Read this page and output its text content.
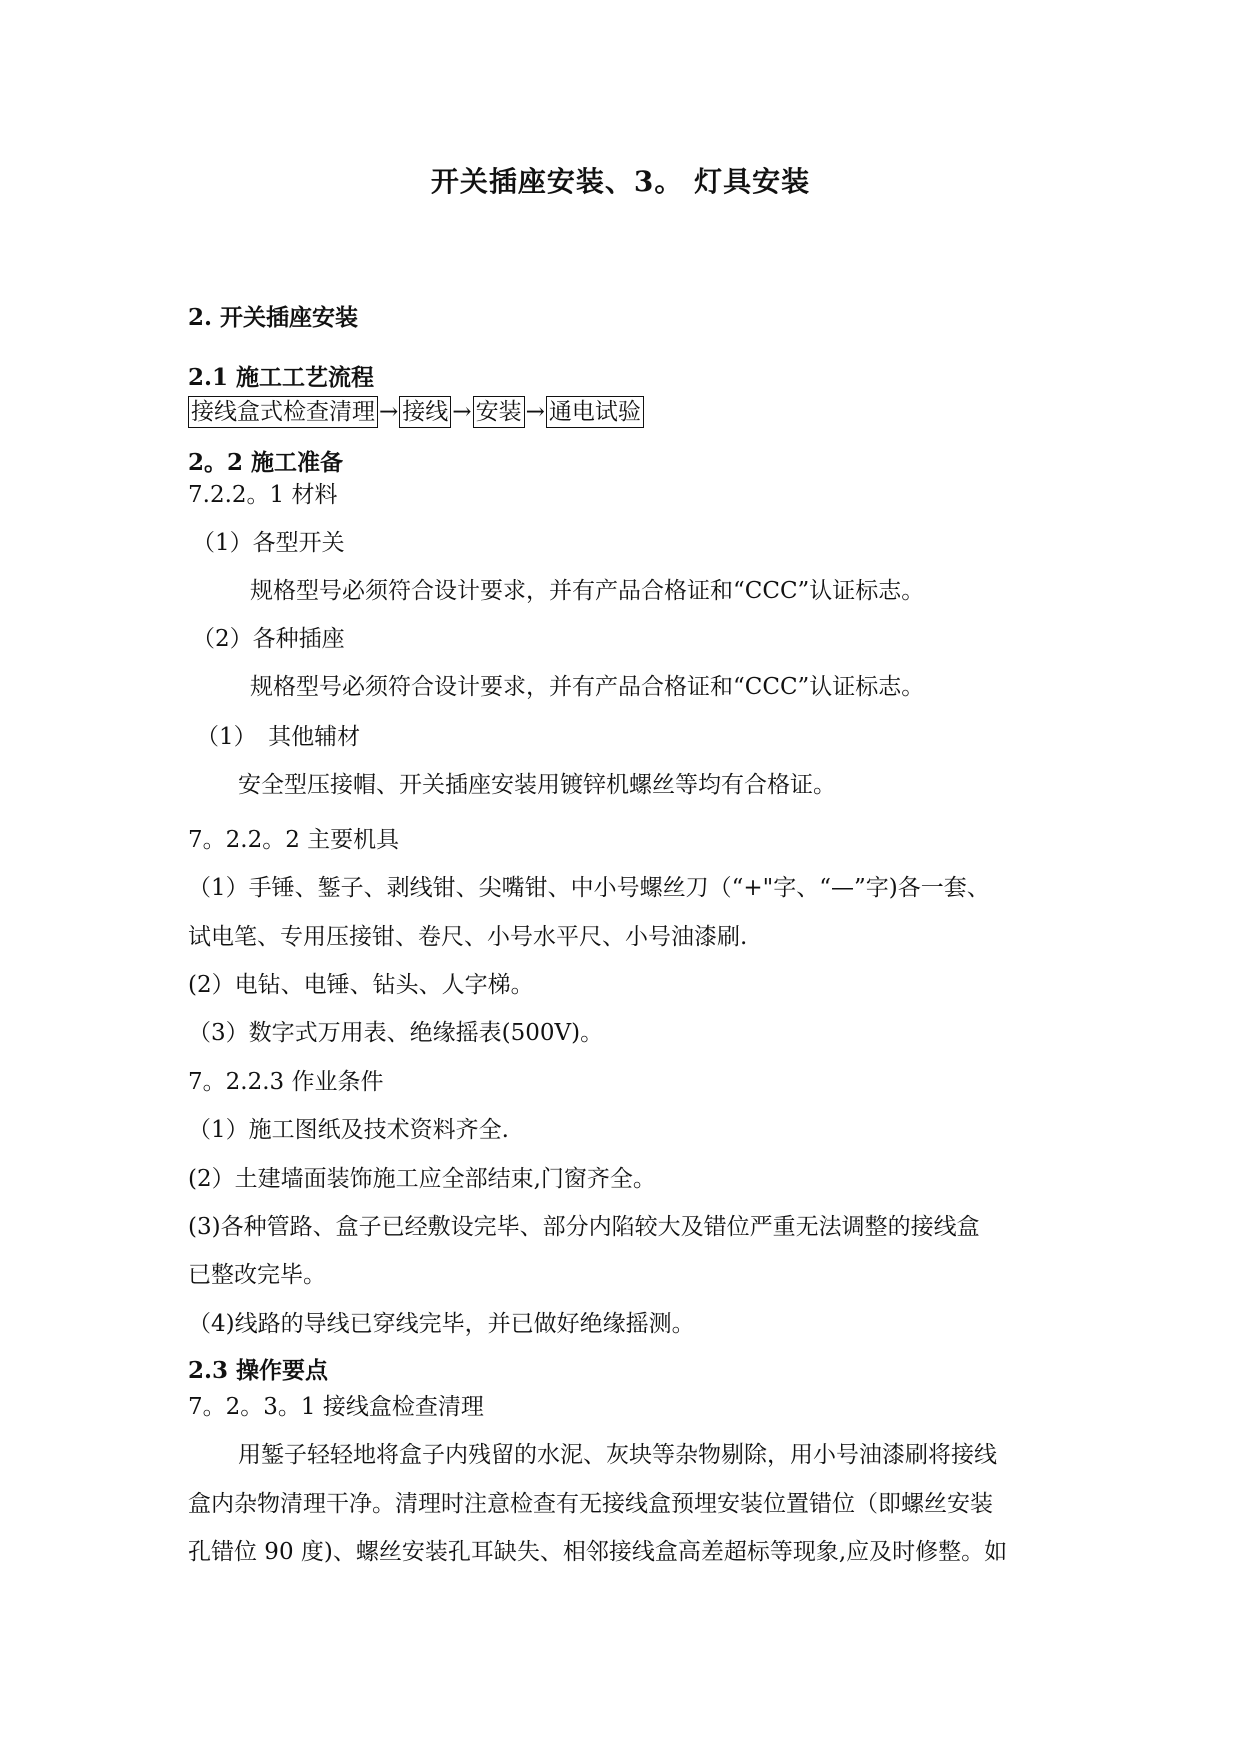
开关插座安装、3。 灯具安装
2. 开关插座安装
2.1 施工工艺流程
接线盒式检查清理 → 接线 → 安装 → 通电试验
2。2 施工准备
7.2.2。1 材料
（1）各型开关
规格型号必须符合设计要求，并有产品合格证和“CCC”认证标志。
（2）各种插座
规格型号必须符合设计要求，并有产品合格证和“CCC”认证标志。
（1）　其他辅材
安全型压接帽、开关插座安装用镀锌机螺丝等均有合格证。
7。2.2。2 主要机具
（1）手锤、錾子、剥线钳、尖嘴钳、中小号螺丝刀（“+"字、“—”字)各一套、
试电笔、专用压接钳、卷尺、小号水平尺、小号油漆刷.
(2）电钻、电锤、钻头、人字梯。
（3）数字式万用表、绝缘摇表(500V)。
7。2.2.3 作业条件
（1）施工图纸及技术资料齐全.
(2）土建墙面装饰施工应全部结束,门窗齐全。
(3)各种管路、盒子已经敷设完毕、部分内陷较大及错位严重无法调整的接线盒
已整改完毕。
（4)线路的导线已穿线完毕，并已做好绝缘摇测。
2.3 操作要点
7。2。3。1 接线盒检查清理
用錾子轻轻地将盒子内残留的水泥、灰块等杂物剔除，用小号油漆刷将接线
盒内杂物清理干净。清理时注意检查有无接线盒预埋安装位置错位（即螺丝安装
孔错位 90 度)、螺丝安装孔耳缺失、相邻接线盒高差超标等现象,应及时修整。如
